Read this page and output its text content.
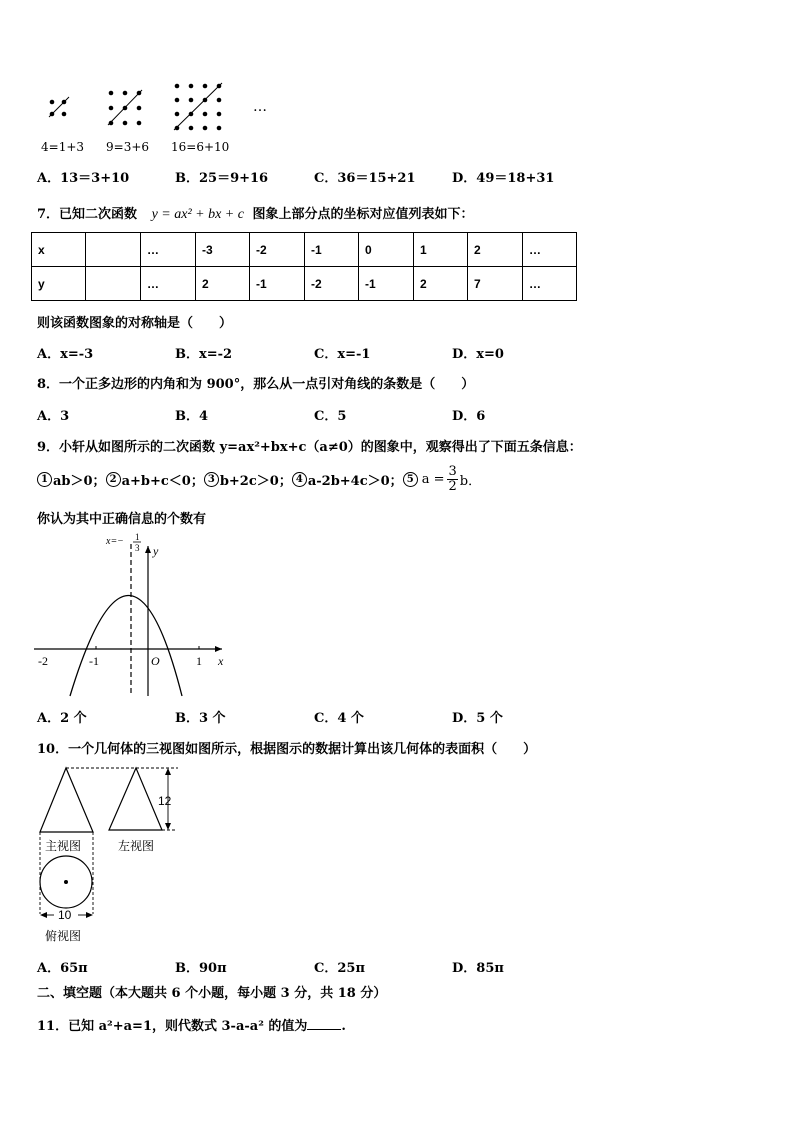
…
4=1+3 9=3+6 16=6+10
A．13＝3+10	B．25＝9+16	C．36＝15+21	D．49＝18+31
7．已知二次函数 y = ax² + bx + c 图象上部分点的坐标对应值列表如下：
x		…	-3	-2	-1	0	1	2	…
y		…	2	-1	-2	-1	2	7	…
则该函数图象的对称轴是（　　）
A．x=-3	B．x=-2	C．x=-1	D．x=0
8．一个正多边形的内角和为 900°，那么从一点引对角线的条数是（　　）
A．3	B．4	C．5	D．6
9．小轩从如图所示的二次函数 y=ax²+bx+c（a≠0）的图象中，观察得出了下面五条信息：
1 ab＞0； 2 a+b+c＜0； 3 b+2c＞0； 4 a-2b+4c＞0； 5 $a = \frac{3}{2}$ b．
你认为其中正确信息的个数有
-2	-1	1
O	x
y
x=− 1
3
A．2 个	B．3 个	C．4 个	D．5 个
10．一个几何体的三视图如图所示，根据图示的数据计算出该几何体的表面积（　　）
12
主视图	左视图
10
俯视图
A．65π	B．90π	C．25π	D．85π
二、填空题（本大题共 6 个小题，每小题 3 分，共 18 分）
11．已知 a²+a=1，则代数式 3-a-a² 的值为	.
